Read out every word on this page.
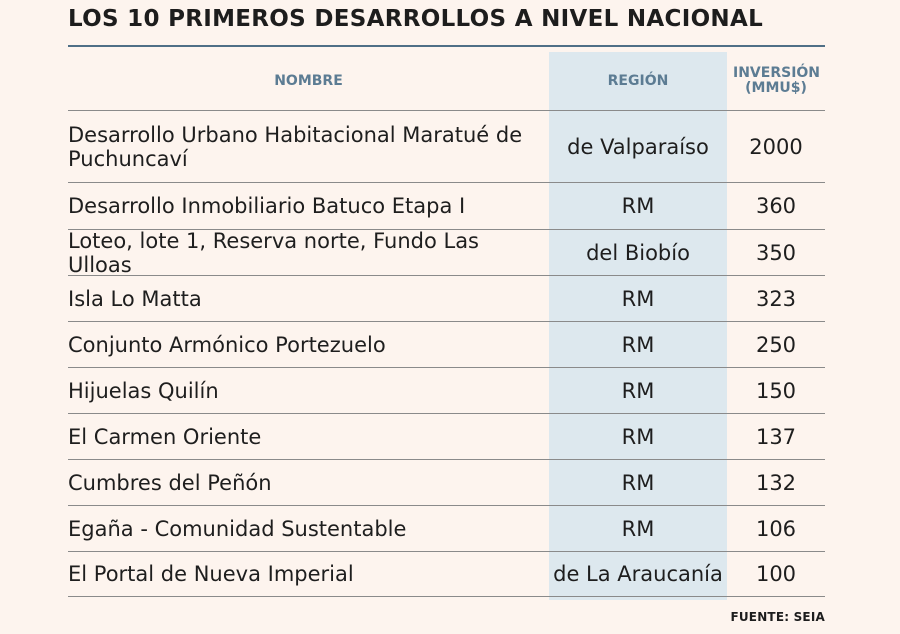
LOS 10 PRIMEROS DESARROLLOS A NIVEL NACIONAL
NOMBRE	REGIÓN	INVERSIÓN (MMU$)
Desarrollo Urbano Habitacional Maratué de Puchuncaví	de Valparaíso	2000
Desarrollo Inmobiliario Batuco Etapa I	RM	360
Loteo, lote 1, Reserva norte, Fundo Las Ulloas	del Biobío	350
Isla Lo Matta	RM	323
Conjunto Armónico Portezuelo	RM	250
Hijuelas Quilín	RM	150
El Carmen Oriente	RM	137
Cumbres del Peñón	RM	132
Egaña - Comunidad Sustentable	RM	106
El Portal de Nueva Imperial	de La Araucanía	100
FUENTE: SEIA
